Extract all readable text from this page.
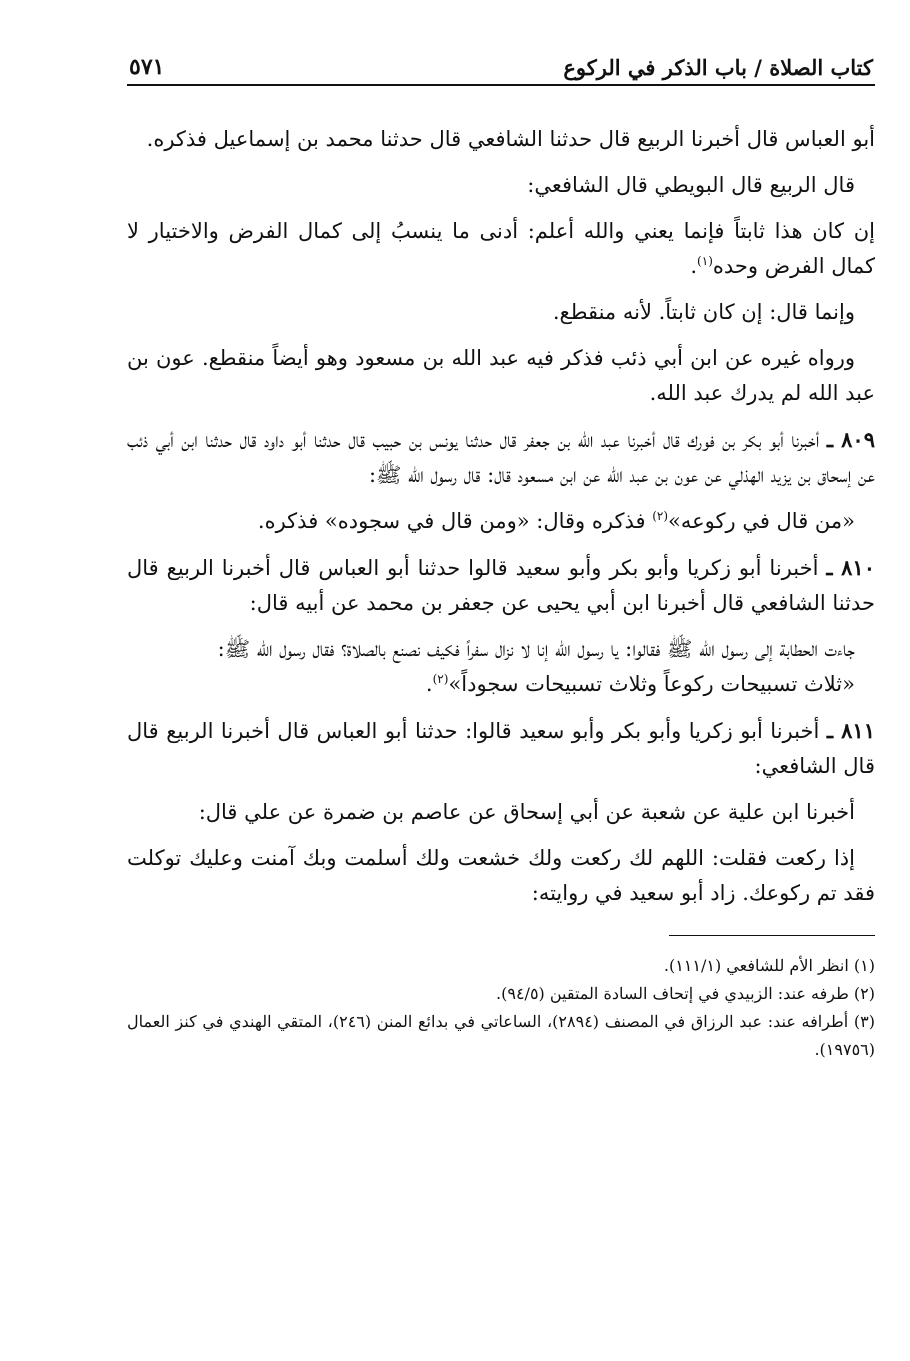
كتاب الصلاة / باب الذكر في الركوع
٥٧١

أبو العباس قال أخبرنا الربيع قال حدثنا الشافعي قال حدثنا محمد بن إسماعيل فذكره.

قال الربيع قال البويطي قال الشافعي:

إن كان هذا ثابتاً فإنما يعني والله أعلم: أدنى ما ينسبُ إلى كمال الفرض والاختيار لا كمال الفرض وحده$^{(١)}$.

وإنما قال: إن كان ثابتاً. لأنه منقطع.

ورواه غيره عن ابن أبي ذئب فذكر فيه عبد الله بن مسعود وهو أيضاً منقطع. عون بن عبد الله لم يدرك عبد الله.

٨٠٩ ـ أخبرنا أبو بكر بن فورك قال أخبرنا عبد الله بن جعفر قال حدثنا يونس بن حبيب قال حدثنا أبو داود قال حدثنا ابن أبي ذئب عن إسحاق بن يزيد الهذلي عن عون بن عبد الله عن ابن مسعود قال: قال رسول الله ﷺ:

«من قال في ركوعه»$^{(٢)}$ فذكره وقال: «ومن قال في سجوده» فذكره.

٨١٠ ـ أخبرنا أبو زكريا وأبو بكر وأبو سعيد قالوا حدثنا أبو العباس قال أخبرنا الربيع قال حدثنا الشافعي قال أخبرنا ابن أبي يحيى عن جعفر بن محمد عن أبيه قال:

جاءت الحطابة إلى رسول الله ﷺ فقالوا: يا رسول الله إنا لا نزال سفراً فكيف نصنع بالصلاة؟ فقال رسول الله ﷺ:

«ثلاث تسبيحات ركوعاً وثلاث تسبيحات سجوداً»$^{(٢)}$.

٨١١ ـ أخبرنا أبو زكريا وأبو بكر وأبو سعيد قالوا: حدثنا أبو العباس قال أخبرنا الربيع قال قال الشافعي:

أخبرنا ابن علية عن شعبة عن أبي إسحاق عن عاصم بن ضمرة عن علي قال:

إذا ركعت فقلت: اللهم لك ركعت ولك خشعت ولك أسلمت وبك آمنت وعليك توكلت فقد تم ركوعك. زاد أبو سعيد في روايته:

(١) انظر الأم للشافعي (١١١/١).

(٢) طرفه عند: الزبيدي في إتحاف السادة المتقين (٩٤/٥).

(٣) أطرافه عند: عبد الرزاق في المصنف (٢٨٩٤)، الساعاتي في بدائع المنن (٢٤٦)، المتقي الهندي في كنز العمال (١٩٧٥٦).
